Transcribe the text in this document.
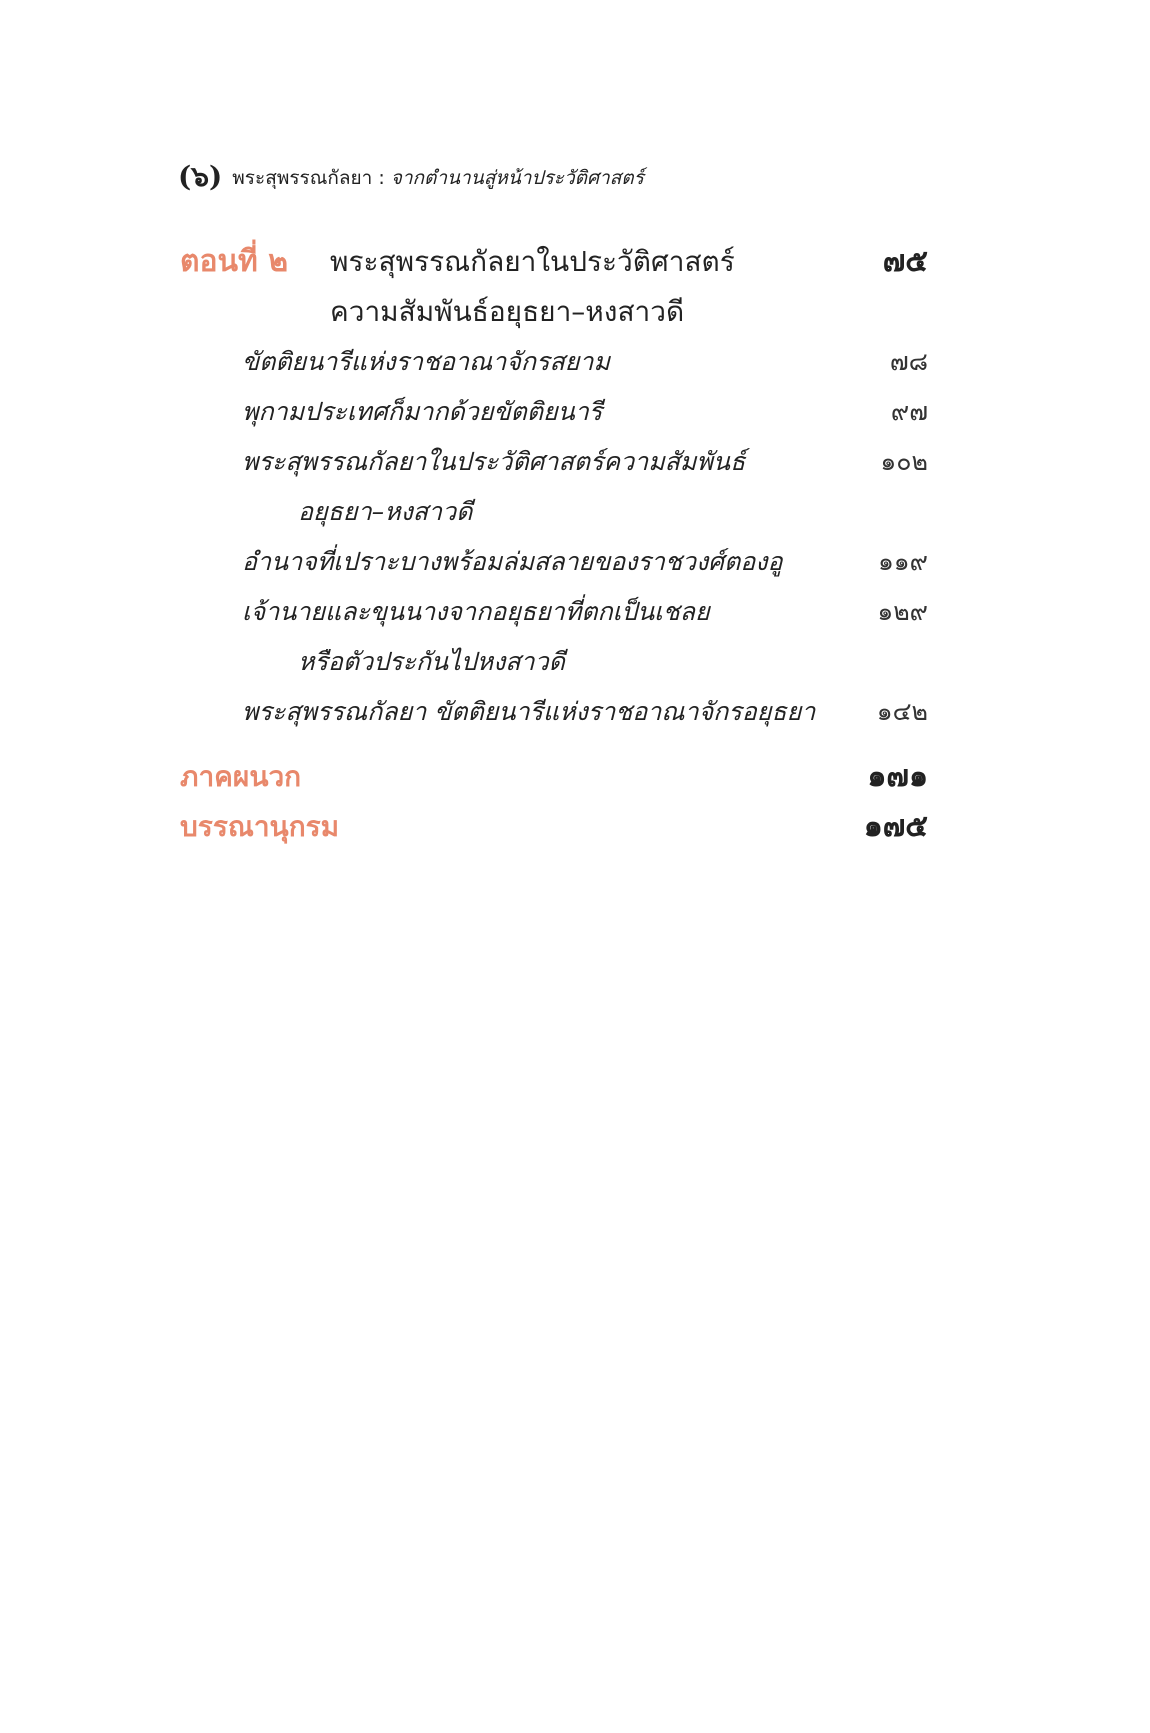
(๖) พระสุพรรณกัลยา : จากตำนานสู่หน้าประวัติศาสตร์
ตอนที่ ๒ พระสุพรรณกัลยาในประวัติศาสตร์	๗๕
ความสัมพันธ์อยุธยา–หงสาวดี
ขัตติยนารีแห่งราชอาณาจักรสยาม	๗๘
พุกามประเทศก็มากด้วยขัตติยนารี	๙๗
พระสุพรรณกัลยาในประวัติศาสตร์ความสัมพันธ์	๑๐๒
อยุธยา–หงสาวดี
อำนาจที่เปราะบางพร้อมล่มสลายของราชวงศ์ตองอู	๑๑๙
เจ้านายและขุนนางจากอยุธยาที่ตกเป็นเชลย	๑๒๙
หรือตัวประกันไปหงสาวดี
พระสุพรรณกัลยา ขัตติยนารีแห่งราชอาณาจักรอยุธยา ๑๔๒
ภาคผนวก	๑๗๑
บรรณานุกรม	๑๗๕
